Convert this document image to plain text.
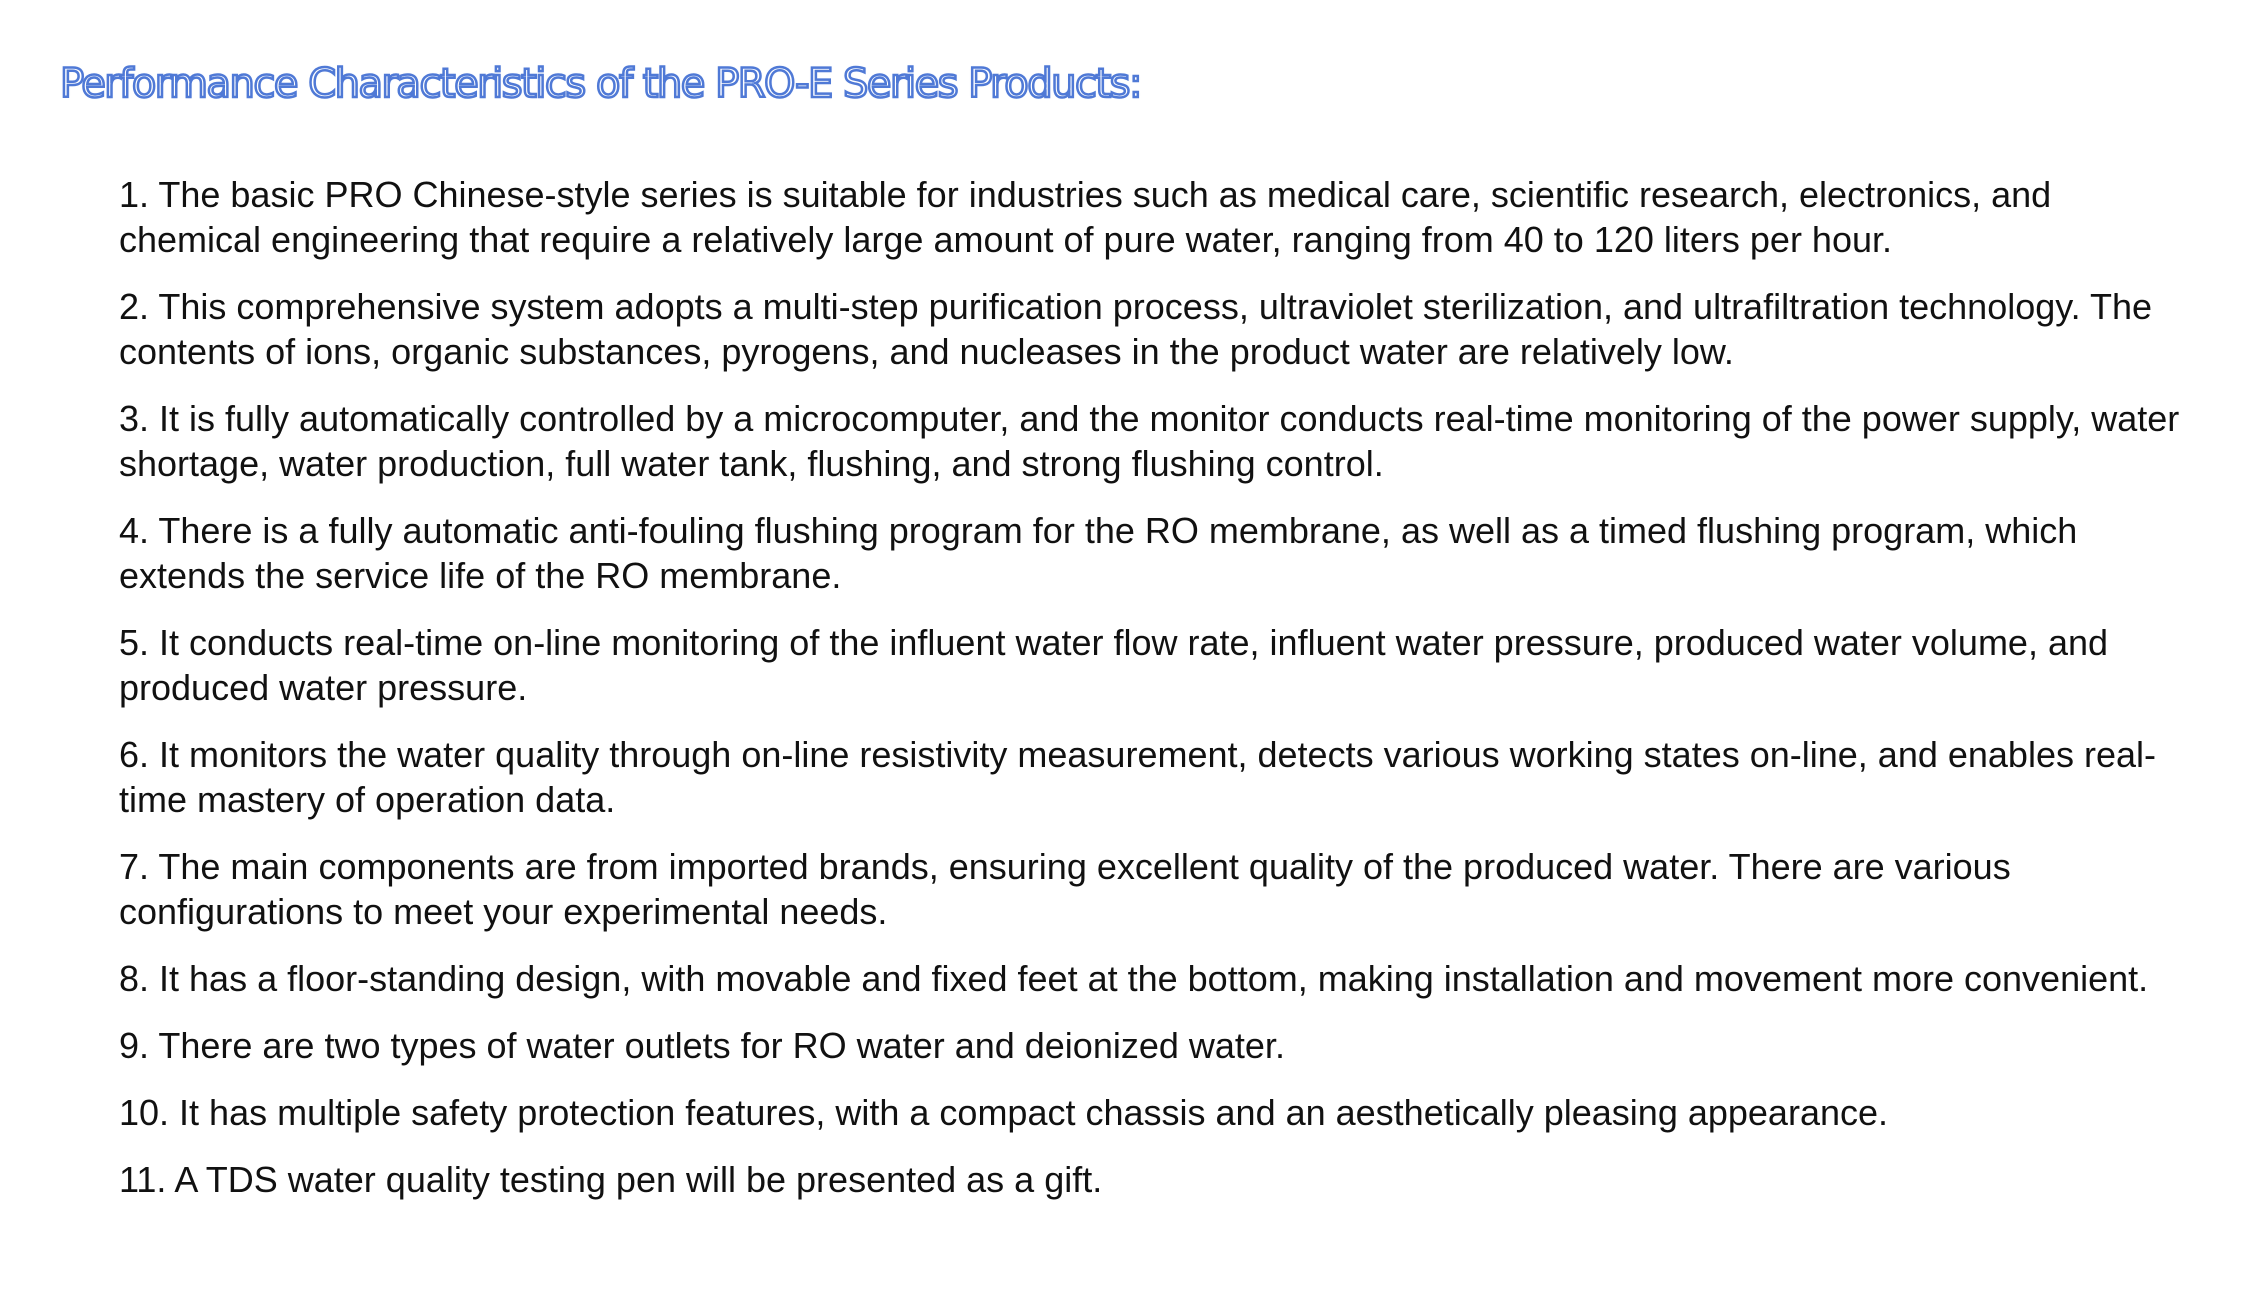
Performance Characteristics of the PRO-E Series Products:
1. The basic PRO Chinese-style series is suitable for industries such as medical care, scientific research, electronics, and chemical engineering that require a relatively large amount of pure water, ranging from 40 to 120 liters per hour.
2. This comprehensive system adopts a multi-step purification process, ultraviolet sterilization, and ultrafiltration technology. The contents of ions, organic substances, pyrogens, and nucleases in the product water are relatively low.
3. It is fully automatically controlled by a microcomputer, and the monitor conducts real-time monitoring of the power supply, water shortage, water production, full water tank, flushing, and strong flushing control.
4. There is a fully automatic anti-fouling flushing program for the RO membrane, as well as a timed flushing program, which extends the service life of the RO membrane.
5. It conducts real-time on-line monitoring of the influent water flow rate, influent water pressure, produced water volume, and produced water pressure.
6. It monitors the water quality through on-line resistivity measurement, detects various working states on-line, and enables real-time mastery of operation data.
7. The main components are from imported brands, ensuring excellent quality of the produced water. There are various configurations to meet your experimental needs.
8. It has a floor-standing design, with movable and fixed feet at the bottom, making installation and movement more convenient.
9. There are two types of water outlets for RO water and deionized water.
10. It has multiple safety protection features, with a compact chassis and an aesthetically pleasing appearance.
11. A TDS water quality testing pen will be presented as a gift.
